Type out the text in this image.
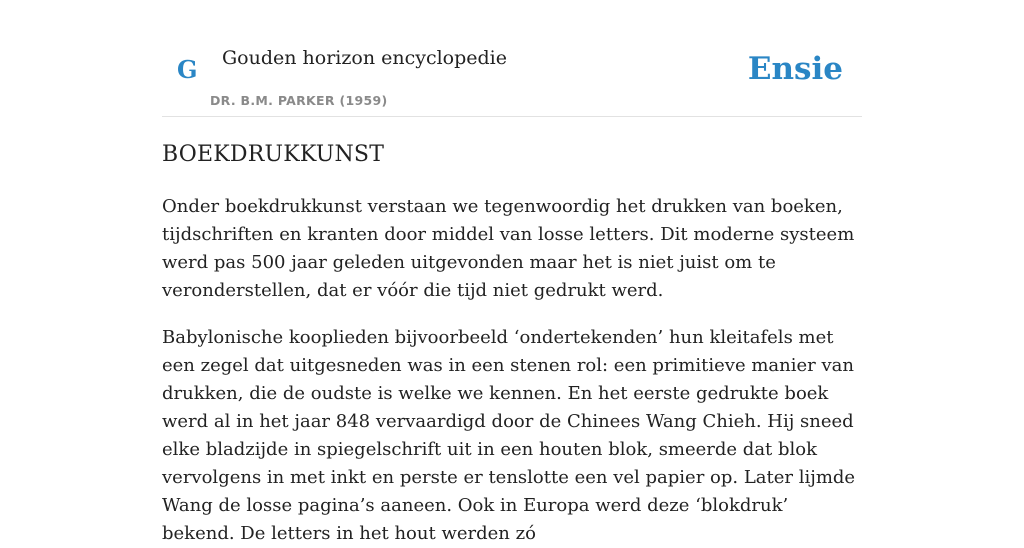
G Gouden horizon encyclopedie
DR. B.M. PARKER (1959)
Ensie
BOEKDRUKKUNST

Onder boekdrukkunst verstaan we tegenwoordig het drukken van boeken, tijdschriften en kranten door middel van losse letters. Dit moderne systeem werd pas 500 jaar geleden uitgevonden maar het is niet juist om te veronderstellen, dat er vóór die tijd niet gedrukt werd.

Babylonische kooplieden bijvoorbeeld ‘ondertekenden’ hun kleitafels met een zegel dat uitgesneden was in een stenen rol: een primitieve manier van drukken, die de oudste is welke we kennen. En het eerste gedrukte boek werd al in het jaar 848 vervaardigd door de Chinees Wang Chieh. Hij sneed elke bladzijde in spiegelschrift uit in een houten blok, smeerde dat blok vervolgens in met inkt en perste er tenslotte een vel papier op. Later lijmde Wang de losse pagina’s aaneen. Ook in Europa werd deze ‘blokdruk’ bekend. De letters in het hout werden zó
